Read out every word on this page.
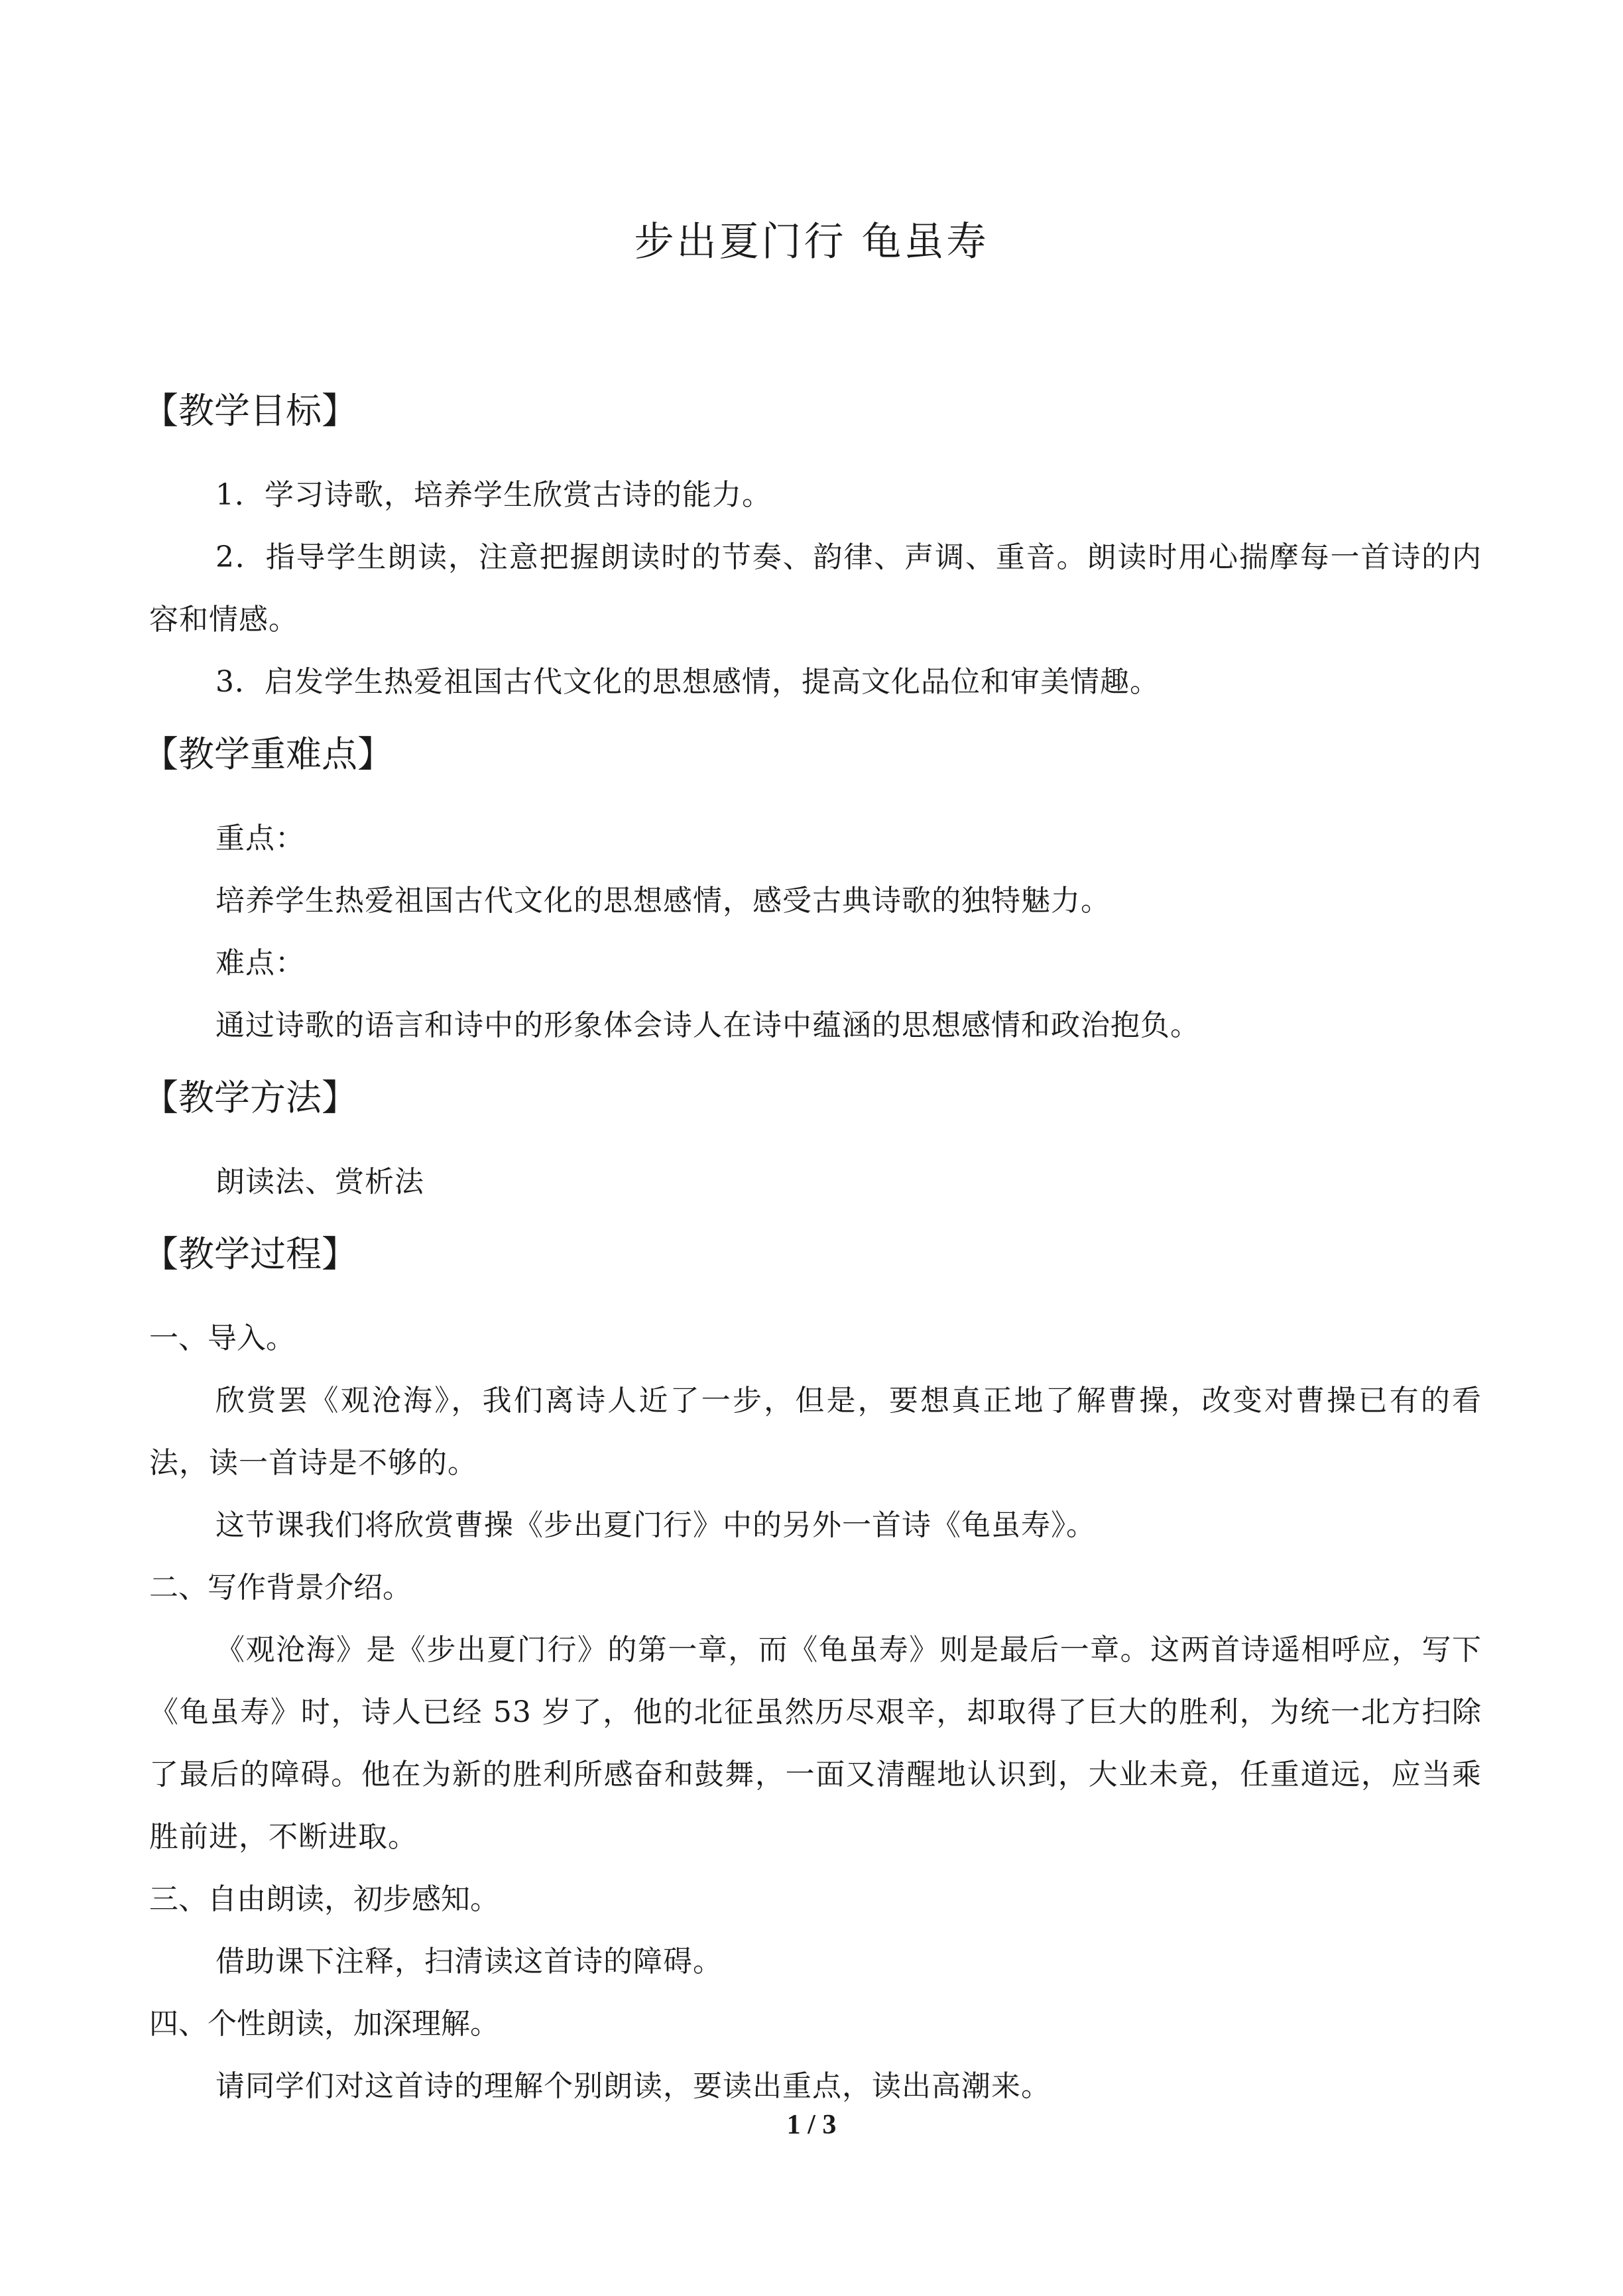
步出夏门行 龟虽寿
【教学目标】

1．学习诗歌，培养学生欣赏古诗的能力。

2．指导学生朗读，注意把握朗读时的节奏、韵律、声调、重音。朗读时用心揣摩每一首诗的内容和情感。

3．启发学生热爱祖国古代文化的思想感情，提高文化品位和审美情趣。

【教学重难点】

重点：

培养学生热爱祖国古代文化的思想感情，感受古典诗歌的独特魅力。

难点：

通过诗歌的语言和诗中的形象体会诗人在诗中蕴涵的思想感情和政治抱负。

【教学方法】

朗读法、赏析法

【教学过程】

一、导入。

欣赏罢《观沧海》，我们离诗人近了一步，但是，要想真正地了解曹操，改变对曹操已有的看法，读一首诗是不够的。

这节课我们将欣赏曹操《步出夏门行》中的另外一首诗《龟虽寿》。

二、写作背景介绍。

《观沧海》是《步出夏门行》的第一章，而《龟虽寿》则是最后一章。这两首诗遥相呼应，写下《龟虽寿》时，诗人已经 53 岁了，他的北征虽然历尽艰辛，却取得了巨大的胜利，为统一北方扫除了最后的障碍。他在为新的胜利所感奋和鼓舞，一面又清醒地认识到，大业未竟，任重道远，应当乘胜前进，不断进取。

三、自由朗读，初步感知。

借助课下注释，扫清读这首诗的障碍。

四、个性朗读，加深理解。

请同学们对这首诗的理解个别朗读，要读出重点，读出高潮来。

1 / 3
